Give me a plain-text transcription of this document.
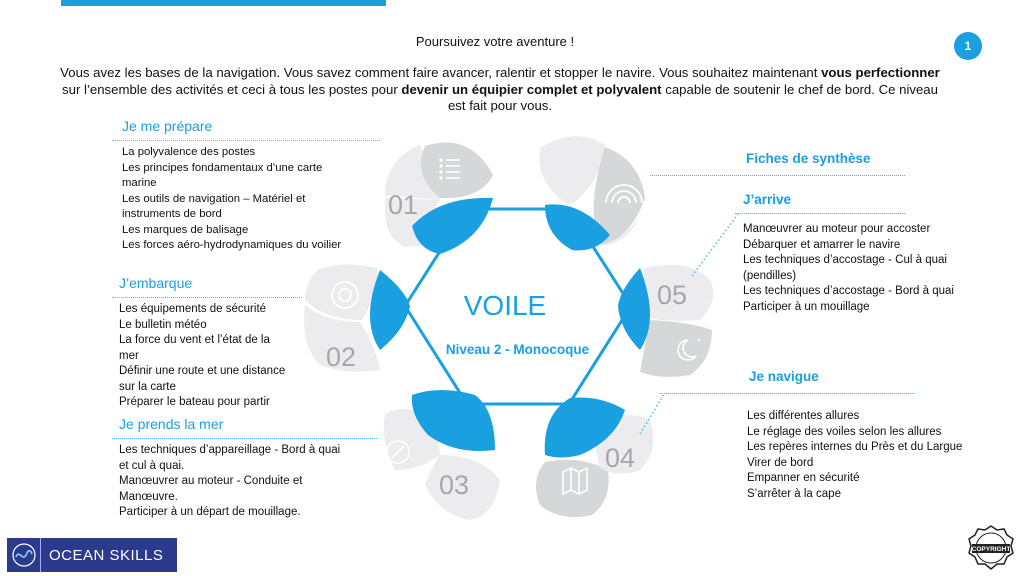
1
Poursuivez votre aventure !
Vous avez les bases de la navigation. Vous savez comment faire avancer, ralentir et stopper le navire. Vous souhaitez maintenant vous perfectionner sur l’ensemble des activités et ceci à tous les postes pour devenir un équipier complet et polyvalent capable de soutenir le chef de bord. Ce niveau est fait pour vous.
Je me prépare
La polyvalence des postes
Les principes fondamentaux d’une carte marine
Les outils de navigation – Matériel et instruments de bord
Les marques de balisage
Les forces aéro-hydrodynamiques du voilier
J’embarque
Les équipements de sécurité
Le bulletin météo
La force du vent et l’état de la mer
Définir une route et une distance sur la carte
Préparer le bateau pour partir
Je prends la mer
Les techniques d’appareillage - Bord à quai et cul à quai.
Manœuvrer au moteur - Conduite et Manœuvre.
Participer à un départ de mouillage.
Fiches de synthèse
J’arrive
Manœuvrer au moteur pour accoster
Débarquer et amarrer le navire
Les techniques d’accostage - Cul à quai (pendilles)
Les techniques d’accostage - Bord à quai
Participer à un mouillage
Je navigue
Les différentes allures
Le réglage des voiles selon les allures
Les repères internes du Près et du Largue
Virer de bord
Empanner en sécurité
S’arrêter à la cape
01
02
03
04
05
VOILE
Niveau 2 - Monocoque
OCEAN SKILLS	COPYRIGHT
